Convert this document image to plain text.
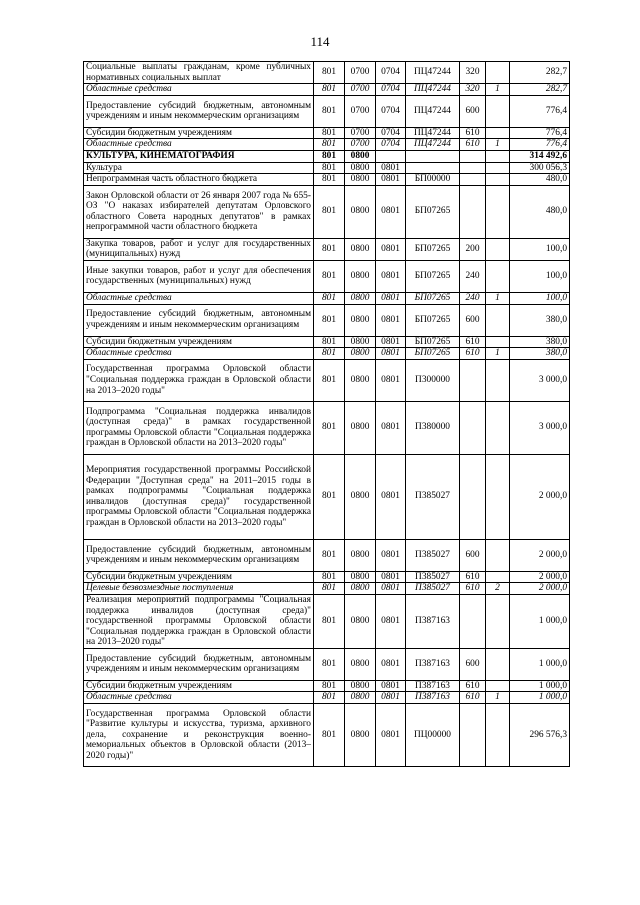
114
Социальные выплаты гражданам, кроме публичных нормативных социальных выплат	801	0700	0704	ПЦ47244	320		282,7
Областные средства	801	0700	0704	ПЦ47244	320	1	282,7
Предоставление субсидий бюджетным, автономным учреждениям и иным некоммерческим организациям	801	0700	0704	ПЦ47244	600		776,4
Субсидии бюджетным учреждениям	801	0700	0704	ПЦ47244	610		776,4
Областные средства	801	0700	0704	ПЦ47244	610	1	776,4
КУЛЬТУРА, КИНЕМАТОГРАФИЯ	801	0800					314 492,6
Культура	801	0800	0801				300 056,3
Непрограммная часть областного бюджета	801	0800	0801	БП00000			480,0
Закон Орловской области от 26 января 2007 года № 655-ОЗ "О наказах избирателей депутатам Орловского областного Совета народных депутатов" в рамках непрограммной части областного бюджета	801	0800	0801	БП07265			480,0
Закупка товаров, работ и услуг для государственных (муниципальных) нужд	801	0800	0801	БП07265	200		100,0
Иные закупки товаров, работ и услуг для обеспечения государственных (муниципальных) нужд	801	0800	0801	БП07265	240		100,0
Областные средства	801	0800	0801	БП07265	240	1	100,0
Предоставление субсидий бюджетным, автономным учреждениям и иным некоммерческим организациям	801	0800	0801	БП07265	600		380,0
Субсидии бюджетным учреждениям	801	0800	0801	БП07265	610		380,0
Областные средства	801	0800	0801	БП07265	610	1	380,0
Государственная программа Орловской области "Социальная поддержка граждан в Орловской области на 2013–2020 годы"	801	0800	0801	П300000			3 000,0
Подпрограмма "Социальная поддержка инвалидов (доступная среда)" в рамках государственной программы Орловской области "Социальная поддержка граждан в Орловской области на 2013–2020 годы"	801	0800	0801	П380000			3 000,0
Мероприятия государственной программы Российской Федерации "Доступная среда" на 2011–2015 годы в рамках подпрограммы "Социальная поддержка инвалидов (доступная среда)" государственной программы Орловской области "Социальная поддержка граждан в Орловской области на 2013–2020 годы"	801	0800	0801	П385027			2 000,0
Предоставление субсидий бюджетным, автономным учреждениям и иным некоммерческим организациям	801	0800	0801	П385027	600		2 000,0
Субсидии бюджетным учреждениям	801	0800	0801	П385027	610		2 000,0
Целевые безвозмездные поступления	801	0800	0801	П385027	610	2	2 000,0
Реализация мероприятий подпрограммы "Социальная поддержка инвалидов (доступная среда)" государственной программы Орловской области "Социальная поддержка граждан в Орловской области на 2013–2020 годы"	801	0800	0801	П387163			1 000,0
Предоставление субсидий бюджетным, автономным учреждениям и иным некоммерческим организациям	801	0800	0801	П387163	600		1 000,0
Субсидии бюджетным учреждениям	801	0800	0801	П387163	610		1 000,0
Областные средства	801	0800	0801	П387163	610	1	1 000,0
Государственная программа Орловской области "Развитие культуры и искусства, туризма, архивного дела, сохранение и реконструкция военно-мемориальных объектов в Орловской области (2013–2020 годы)"	801	0800	0801	ПЦ00000			296 576,3
